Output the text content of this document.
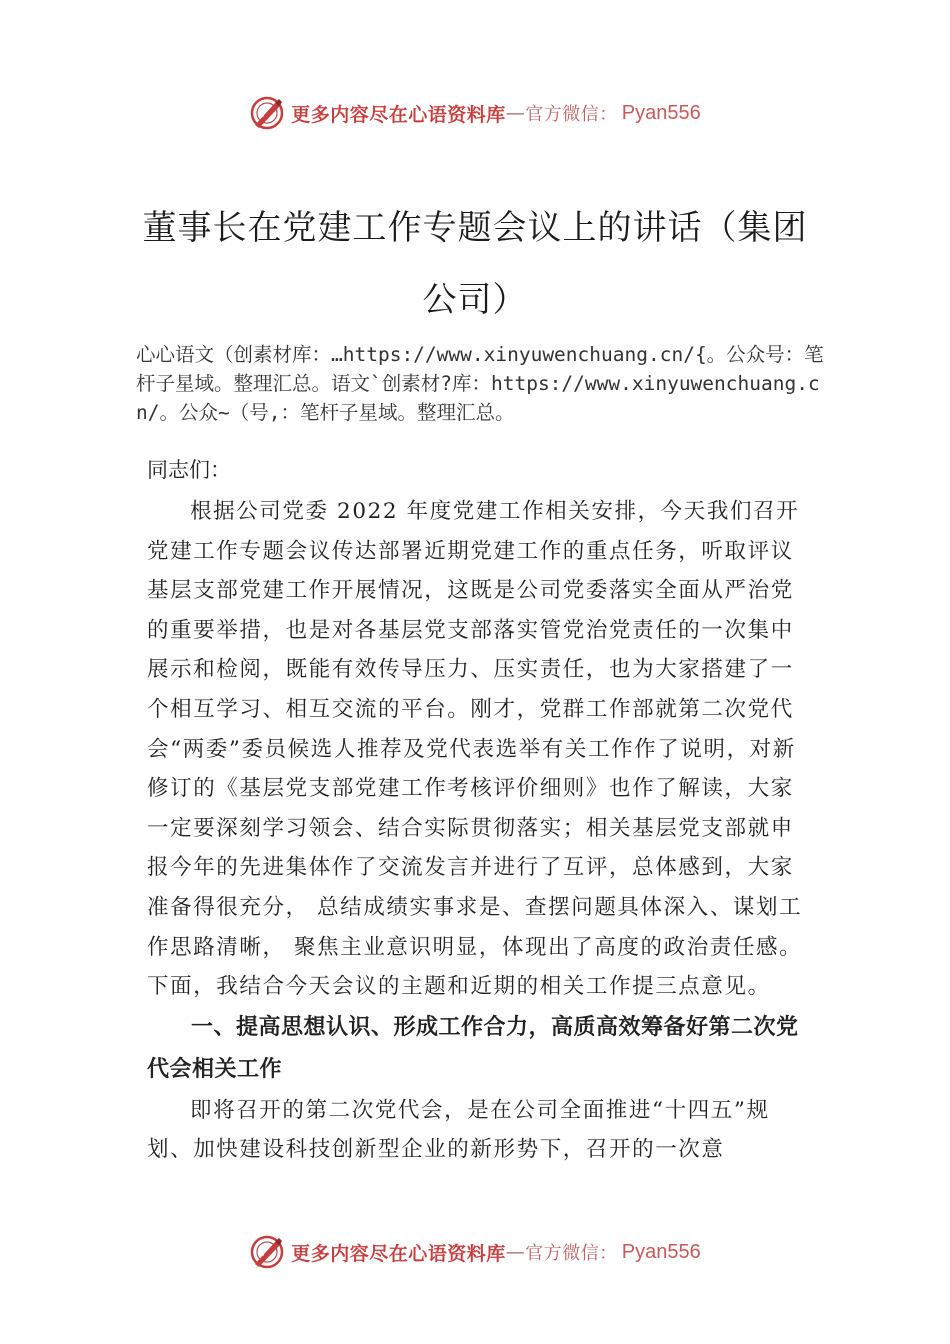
更多内容尽在心语资料库 — 官方微信： Pyan556
董事长在党建工作专题会议上的讲话（集团公司）
心心语文（创素材库：…https://www.xinyuwenchuang.cn/{。公众号：笔杆子星域。整理汇总。语文`创素材?库：https://www.xinyuwenchuang.cn/。公众~（号,：笔杆子星域。整理汇总。
同志们：

根据公司党委 2022 年度党建工作相关安排，今天我们召开党建工作专题会议传达部署近期党建工作的重点任务，听取评议基层支部党建工作开展情况，这既是公司党委落实全面从严治党的重要举措，也是对各基层党支部落实管党治党责任的一次集中展示和检阅，既能有效传导压力、压实责任，也为大家搭建了一个相互学习、相互交流的平台。刚才，党群工作部就第二次党代会“两委”委员候选人推荐及党代表选举有关工作作了说明，对新修订的《基层党支部党建工作考核评价细则》也作了解读，大家一定要深刻学习领会、结合实际贯彻落实；相关基层党支部就申报今年的先进集体作了交流发言并进行了互评，总体感到，大家准备得很充分， 总结成绩实事求是、查摆问题具体深入、谋划工作思路清晰， 聚焦主业意识明显，体现出了高度的政治责任感。下面，我结合今天会议的主题和近期的相关工作提三点意见。

一、提高思想认识、形成工作合力，高质高效筹备好第二次党代会相关工作

即将召开的第二次党代会，是在公司全面推进“十四五”规划、加快建设科技创新型企业的新形势下，召开的一次意

更多内容尽在心语资料库 — 官方微信： Pyan556
